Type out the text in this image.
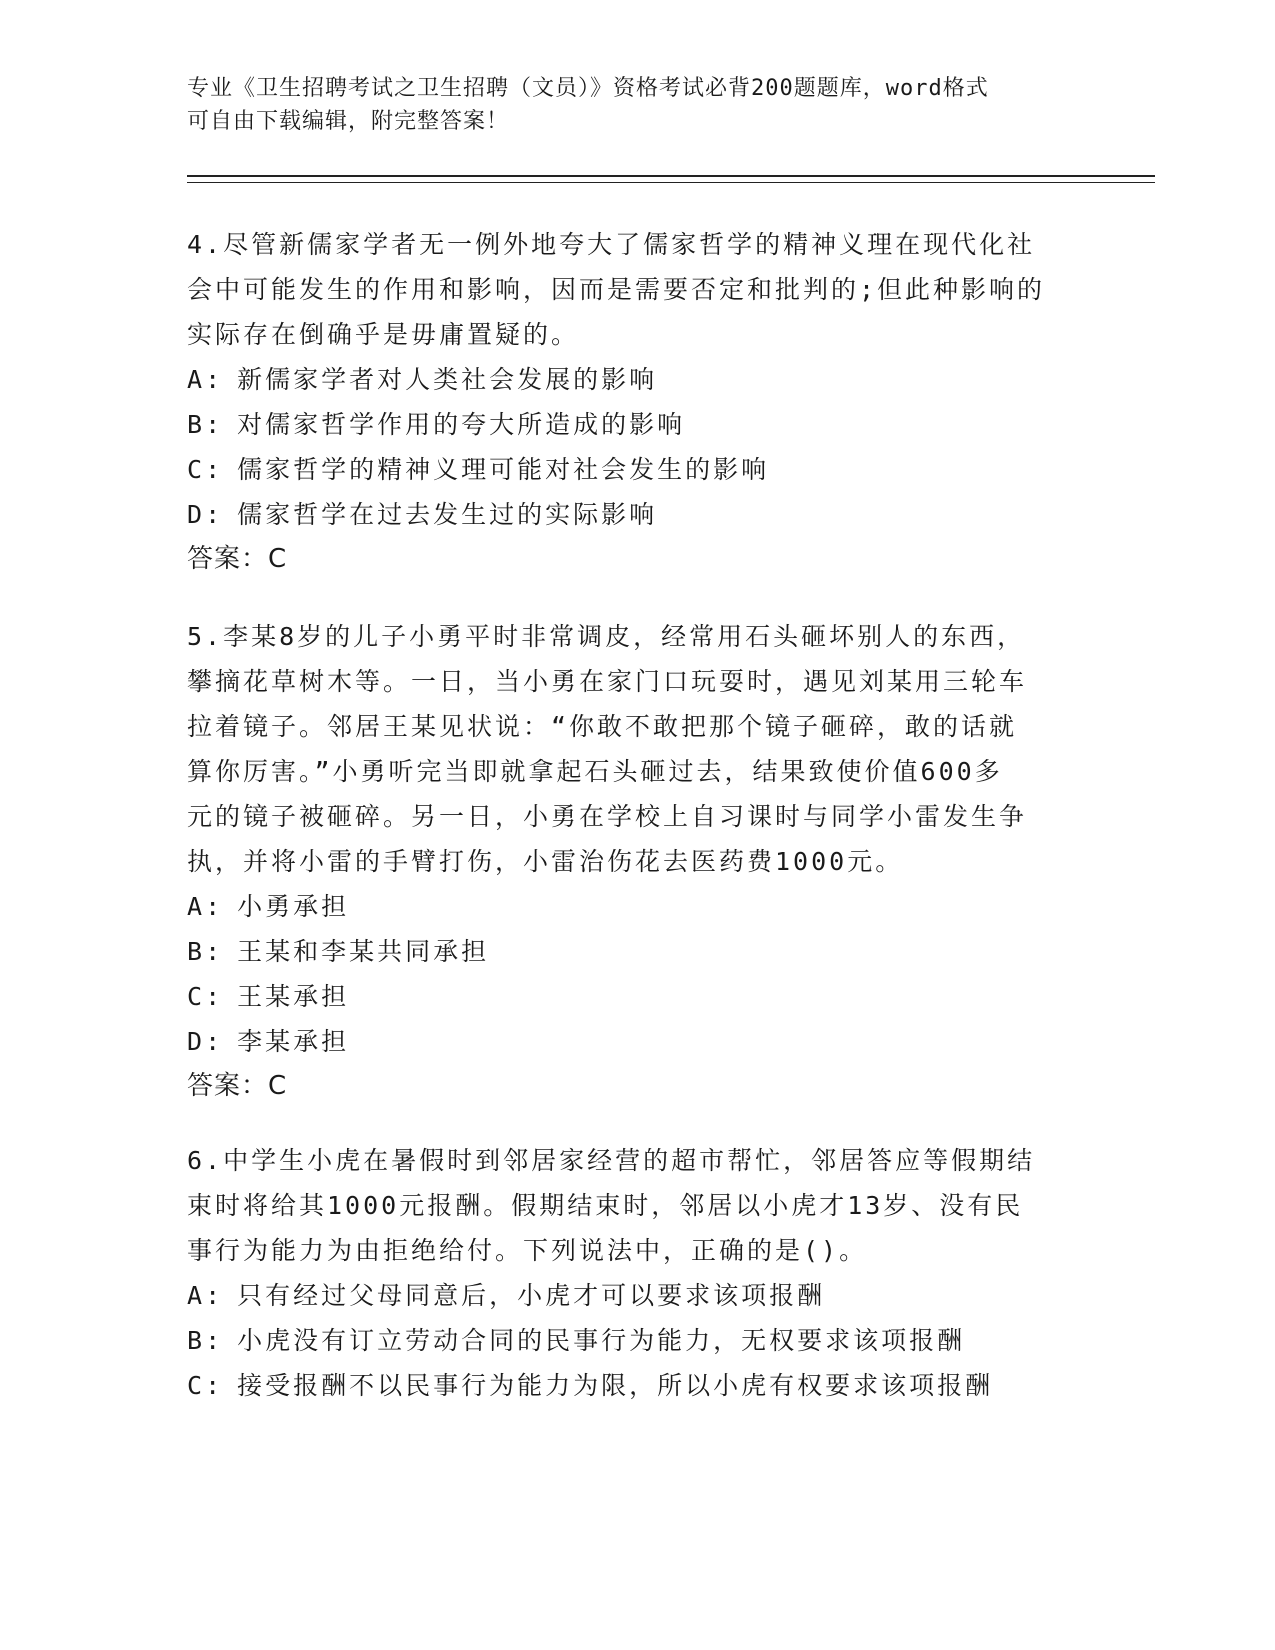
专业《卫生招聘考试之卫生招聘（文员）》资格考试必背200题题库，word格式
可自由下载编辑，附完整答案！

4.尽管新儒家学者无一例外地夸大了儒家哲学的精神义理在现代化社

会中可能发生的作用和影响，因而是需要否定和批判的;但此种影响的

实际存在倒确乎是毋庸置疑的。

A: 新儒家学者对人类社会发展的影响

B: 对儒家哲学作用的夸大所造成的影响

C: 儒家哲学的精神义理可能对社会发生的影响

D: 儒家哲学在过去发生过的实际影响

答案：C

5.李某8岁的儿子小勇平时非常调皮，经常用石头砸坏别人的东西，

攀摘花草树木等。一日，当小勇在家门口玩耍时，遇见刘某用三轮车

拉着镜子。邻居王某见状说：“你敢不敢把那个镜子砸碎，敢的话就

算你厉害。”小勇听完当即就拿起石头砸过去，结果致使价值600多

元的镜子被砸碎。另一日，小勇在学校上自习课时与同学小雷发生争

执，并将小雷的手臂打伤，小雷治伤花去医药费1000元。

A: 小勇承担

B: 王某和李某共同承担

C: 王某承担

D: 李某承担

答案：C

6.中学生小虎在暑假时到邻居家经营的超市帮忙，邻居答应等假期结

束时将给其1000元报酬。假期结束时，邻居以小虎才13岁、没有民

事行为能力为由拒绝给付。下列说法中，正确的是()。

A: 只有经过父母同意后，小虎才可以要求该项报酬

B: 小虎没有订立劳动合同的民事行为能力，无权要求该项报酬

C: 接受报酬不以民事行为能力为限，所以小虎有权要求该项报酬
